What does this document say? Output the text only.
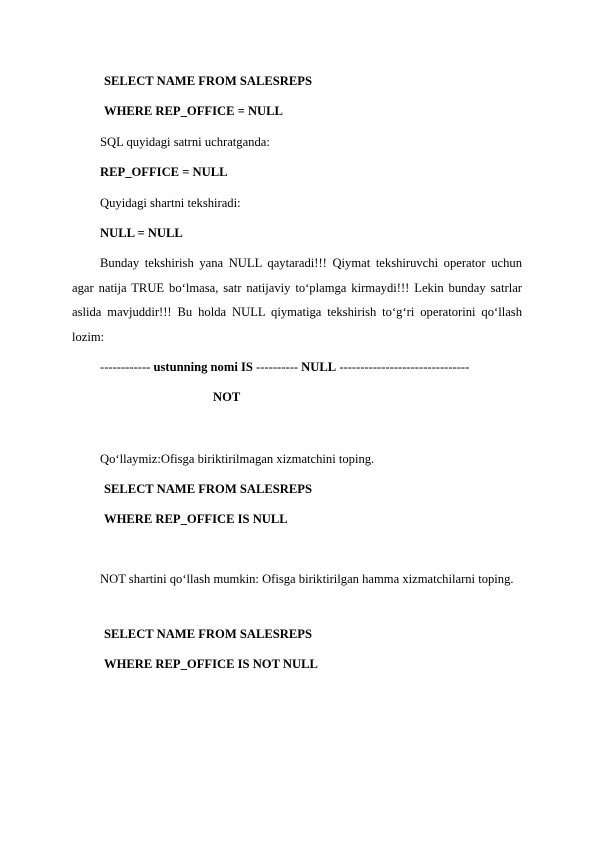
SELECT NAME FROM SALESREPS
WHERE REP_OFFICE = NULL
SQL quyidagi satrni uchratganda:
REP_OFFICE = NULL
Quyidagi shartni tekshiradi:
NULL = NULL
Bunday tekshirish yana NULL qaytaradi!!! Qiymat tekshiruvchi operator uchun agar natija TRUE bo‘lmasa, satr natijaviy to‘plamga kirmaydi!!! Lekin bunday satrlar aslida mavjuddir!!! Bu holda NULL qiymatiga tekshirish to‘g‘ri operatorini qo‘llash lozim:
------------ ustunning nomi IS ---------- NULL -------------------------------
NOT
Qo‘llaymiz:Ofisga biriktirilmagan xizmatchini toping.
SELECT NAME FROM SALESREPS
WHERE REP_OFFICE IS NULL
NOT shartini qo‘llash mumkin: Ofisga biriktirilgan hamma xizmatchilarni toping.
SELECT NAME FROM SALESREPS
WHERE REP_OFFICE IS NOT NULL
